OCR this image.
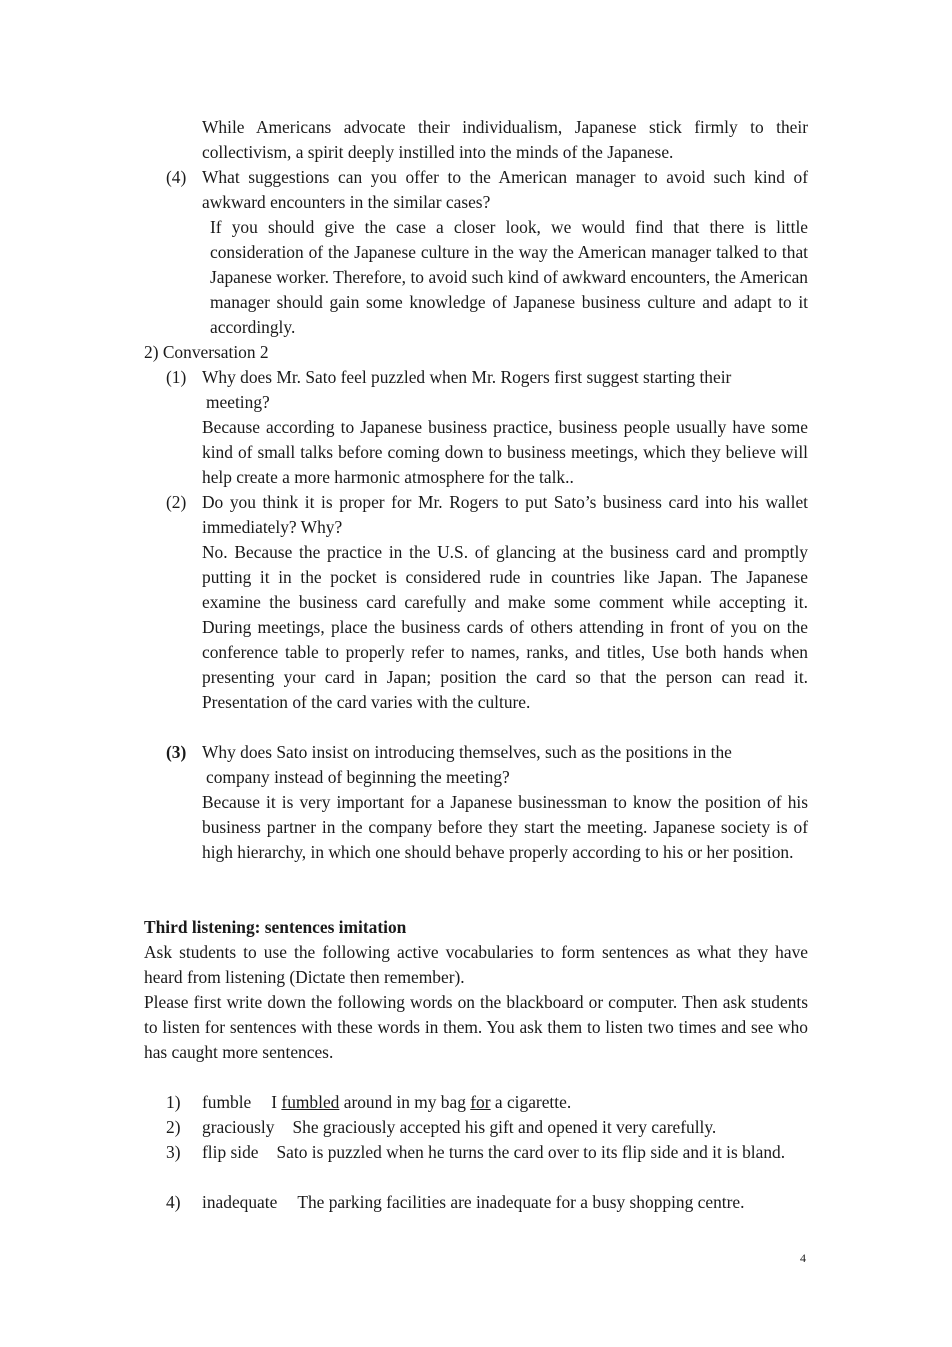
While Americans advocate their individualism, Japanese stick firmly to their collectivism, a spirit deeply instilled into the minds of the Japanese.
(4) What suggestions can you offer to the American manager to avoid such kind of awkward encounters in the similar cases?
If you should give the case a closer look, we would find that there is little consideration of the Japanese culture in the way the American manager talked to that Japanese worker. Therefore, to avoid such kind of awkward encounters, the American manager should gain some knowledge of Japanese business culture and adapt to it accordingly.
2) Conversation 2
(1) Why does Mr. Sato feel puzzled when Mr. Rogers first suggest starting their
meeting?
Because according to Japanese business practice, business people usually have some kind of small talks before coming down to business meetings, which they believe will help create a more harmonic atmosphere for the talk..
(2) Do you think it is proper for Mr. Rogers to put Sato’s business card into his wallet immediately? Why?
No. Because the practice in the U.S. of glancing at the business card and promptly putting it in the pocket is considered rude in countries like Japan. The Japanese examine the business card carefully and make some comment while accepting it. During meetings, place the business cards of others attending in front of you on the conference table to properly refer to names, ranks, and titles, Use both hands when presenting your card in Japan; position the card so that the person can read it. Presentation of the card varies with the culture.
(3) Why does Sato insist on introducing themselves, such as the positions in the
company instead of beginning the meeting?
Because it is very important for a Japanese businessman to know the position of his business partner in the company before they start the meeting. Japanese society is of high hierarchy, in which one should behave properly according to his or her position.
Third listening: sentences imitation
Ask students to use the following active vocabularies to form sentences as what they have heard from listening (Dictate then remember).
Please first write down the following words on the blackboard or computer. Then ask students to listen for sentences with these words in them. You ask them to listen two times and see who has caught more sentences.
1) fumble I fumbled around in my bag for a cigarette.
2) graciously She graciously accepted his gift and opened it very carefully.
3) flip side Sato is puzzled when he turns the card over to its flip side and it is bland.
4) inadequate The parking facilities are inadequate for a busy shopping centre.
4
